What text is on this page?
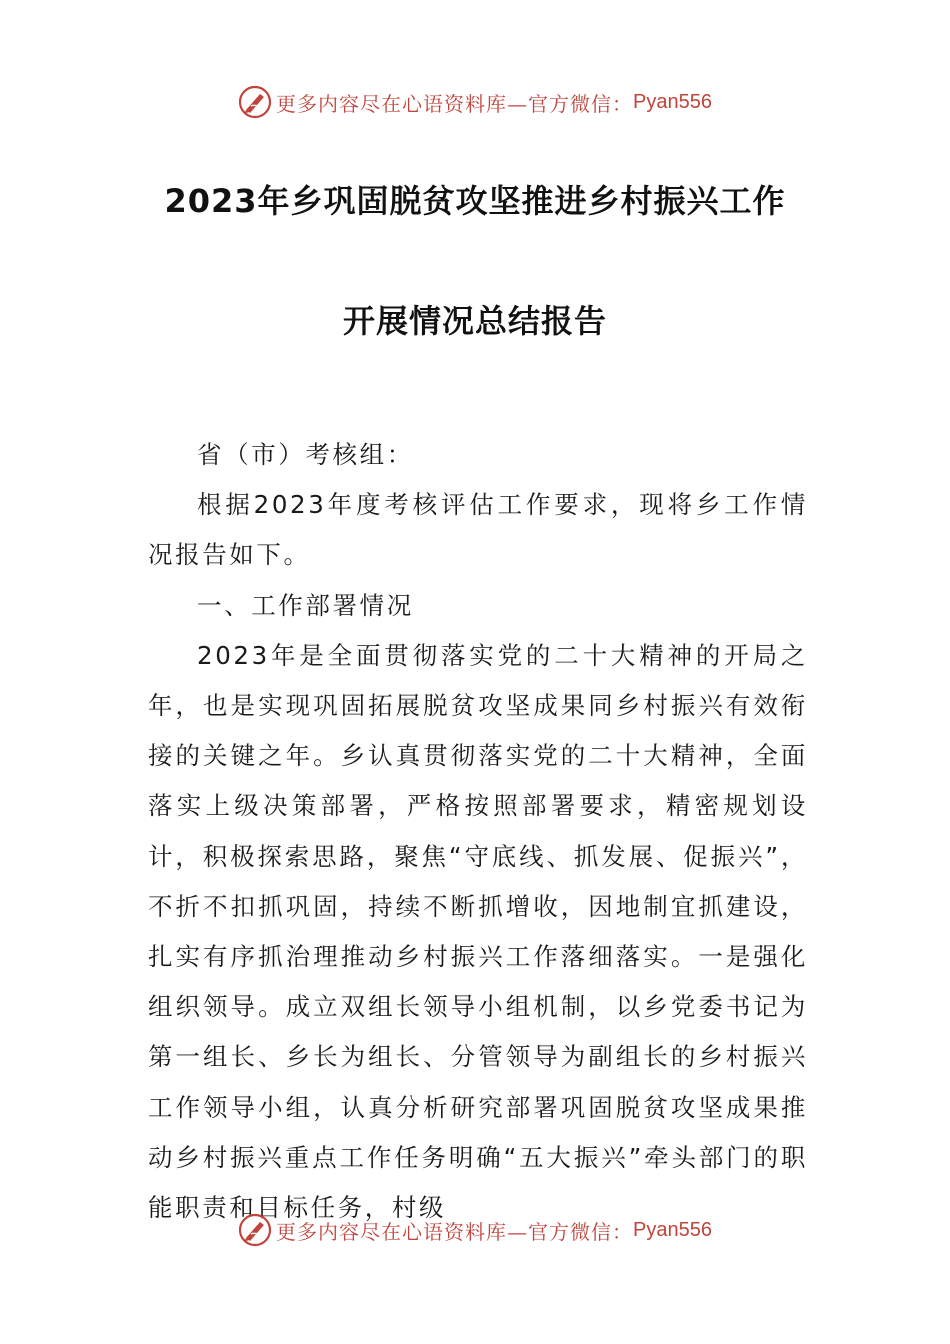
更多内容尽在心语资料库—官方微信： Pyan556
2023年乡巩固脱贫攻坚推进乡村振兴工作
开展情况总结报告

省（市）考核组：

根据2023年度考核评估工作要求，现将乡工作情况报告如下。

一、工作部署情况

2023年是全面贯彻落实党的二十大精神的开局之年，也是实现巩固拓展脱贫攻坚成果同乡村振兴有效衔接的关键之年。乡认真贯彻落实党的二十大精神，全面落实上级决策部署，严格按照部署要求，精密规划设计，积极探索思路，聚焦“守底线、抓发展、促振兴”，不折不扣抓巩固，持续不断抓增收，因地制宜抓建设，扎实有序抓治理推动乡村振兴工作落细落实。一是强化组织领导。成立双组长领导小组机制，以乡党委书记为第一组长、乡长为组长、分管领导为副组长的乡村振兴工作领导小组，认真分析研究部署巩固脱贫攻坚成果推动乡村振兴重点工作任务明确“五大振兴”牵头部门的职能职责和目标任务，村级

更多内容尽在心语资料库—官方微信： Pyan556
